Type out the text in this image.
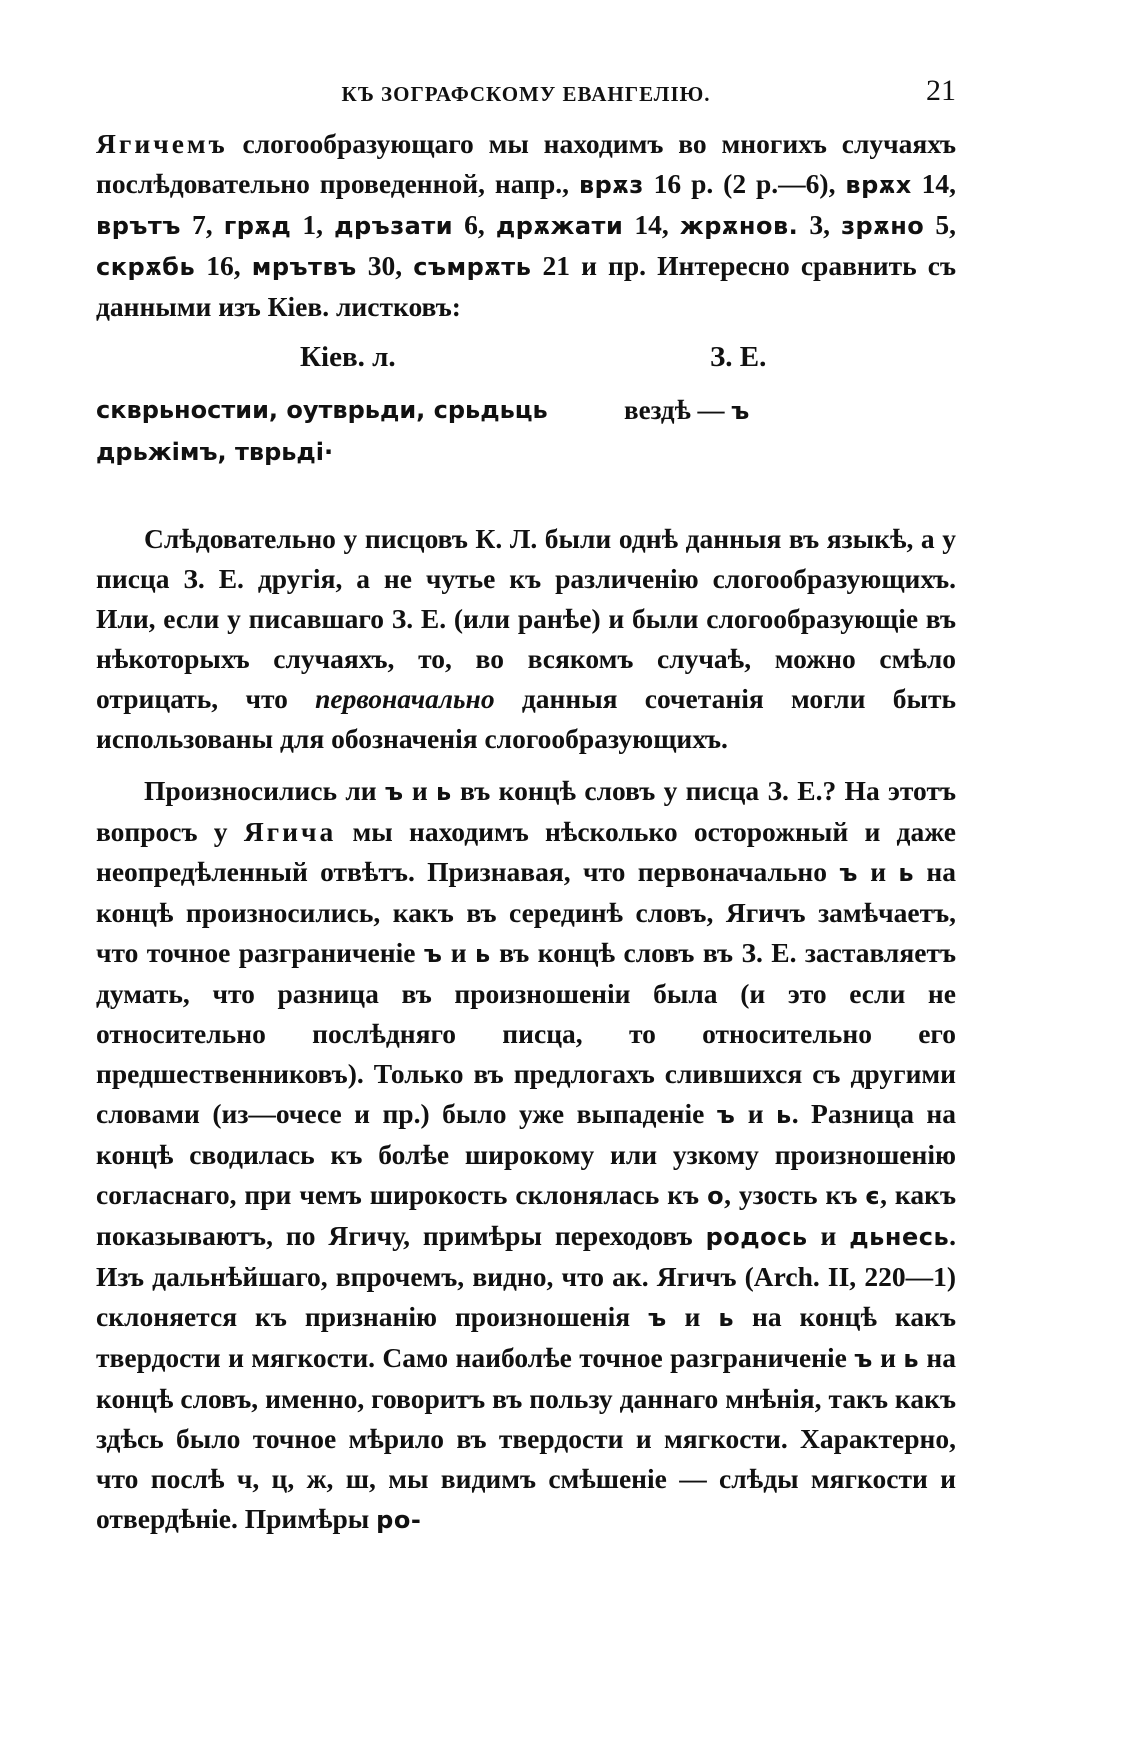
КЪ ЗОГРАФСКОМУ ЕВАНГЕЛІЮ.	21

Ягичемъ слогообразующаго мы находимъ во многихъ случаяхъ послѣдовательно проведенной, напр., врѫз 16 р. (2 р.—6), врѫх 14, врътъ 7, грѫд 1, дръзати 6, дрѫжати 14, жрѫнов. 3, зрѫно 5, скрѫбь 16, мрътвъ 30, съмрѫть 21 и пр. Интересно сравнить съ данными изъ Кіев. листковъ:

Кіев. л.	З. Е.
скврьностии, оутврьди, срьдьць
дрьжімъ, тврьді·
вездѣ — ъ

Слѣдовательно у писцовъ К. Л. были однѣ данныя въ языкѣ, а у писца З. Е. другія, а не чутье къ различенію слогообразующихъ. Или, если у писавшаго З. Е. (или ранѣе) и были слогообразующіе въ нѣкоторыхъ случаяхъ, то, во всякомъ случаѣ, можно смѣло отрицать, что первоначально данныя сочетанія могли быть использованы для обозначенія слогообразующихъ.

Произносились ли ъ и ь въ концѣ словъ у писца З. Е.? На этотъ вопросъ у Ягича мы находимъ нѣсколько осторожный и даже неопредѣленный отвѣтъ. Признавая, что первоначально ъ и ь на концѣ произносились, какъ въ серединѣ словъ, Ягичъ замѣчаетъ, что точное разграниченіе ъ и ь въ концѣ словъ въ З. Е. заставляетъ думать, что разница въ произношеніи была (и это если не относительно послѣдняго писца, то относительно его предшественниковъ). Только въ предлогахъ слившихся съ другими словами (из—очесе и пр.) было уже выпаденіе ъ и ь. Разница на концѣ сводилась къ болѣе широкому или узкому произношенію согласнаго, при чемъ широкость склонялась къ о, узость къ є, какъ показываютъ, по Ягичу, примѣры переходовъ родось и дьнесь. Изъ дальнѣйшаго, впрочемъ, видно, что ак. Ягичъ (Arch. II, 220—1) склоняется къ признанію произношенія ъ и ь на концѣ какъ твердости и мягкости. Само наиболѣе точное разграниченіе ъ и ь на концѣ словъ, именно, говоритъ въ пользу даннаго мнѣнія, такъ какъ здѣсь было точное мѣрило въ твердости и мягкости. Характерно, что послѣ ч, ц, ж, ш, мы видимъ смѣшеніе — слѣды мягкости и отвердѣніе. Примѣры ро-
